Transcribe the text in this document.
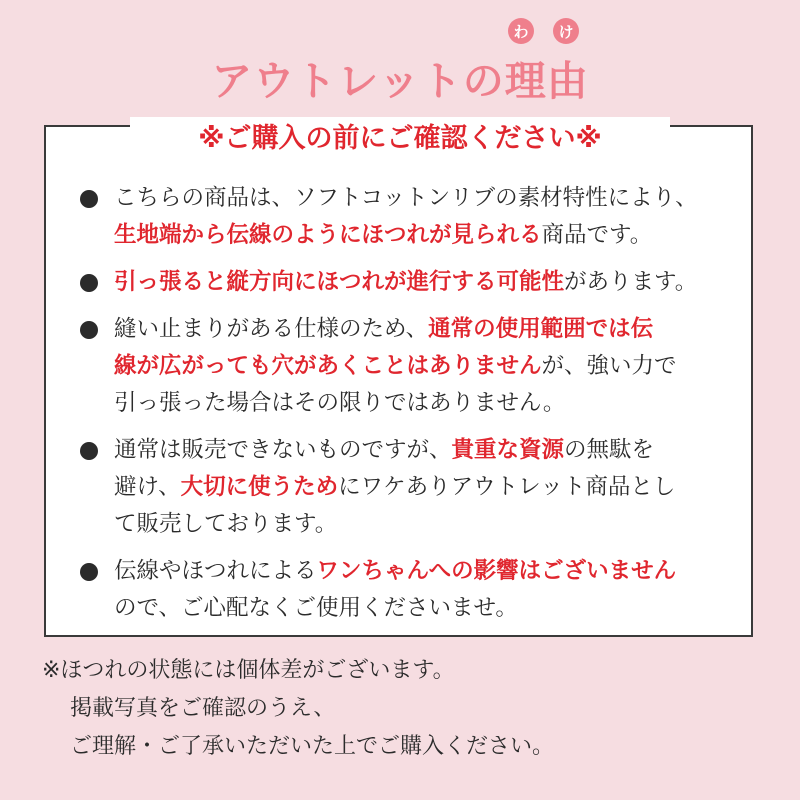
わ	け
アウトレットの理由
※ご購入の前にご確認ください※
こちらの商品は、ソフトコットンリブの素材特性により、
生地端から伝線のようにほつれが見られる商品です。
引っ張ると縦方向にほつれが進行する可能性があります。
縫い止まりがある仕様のため、通常の使用範囲では伝
線が広がっても穴があくことはありませんが、強い力で
引っ張った場合はその限りではありません。
通常は販売できないものですが、貴重な資源の無駄を
避け、大切に使うためにワケありアウトレット商品とし
て販売しております。
伝線やほつれによるワンちゃんへの影響はございません
ので、ご心配なくご使用くださいませ。
※ほつれの状態には個体差がございます。
掲載写真をご確認のうえ、
ご理解・ご了承いただいた上でご購入ください。
